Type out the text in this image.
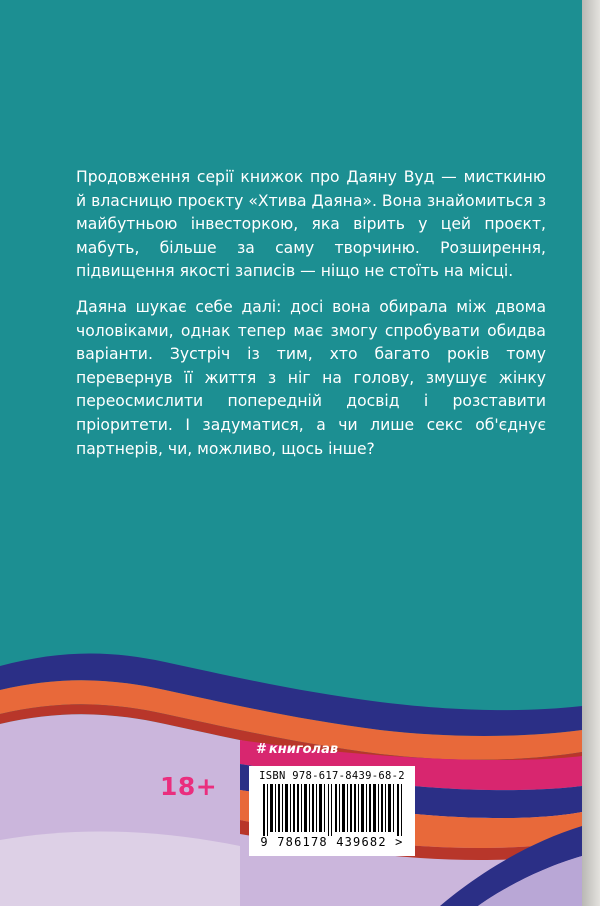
Продовження серії книжок про Даяну Вуд — мисткиню й власницю проєкту «Хтива Даяна». Вона знайомиться з майбутньою інвесторкою, яка вірить у цей проєкт, мабуть, більше за саму творчиню. Розширення, підвищення якості записів — ніщо не стоїть на місці.

Даяна шукає себе далі: досі вона обирала між двома чоловіками, однак тепер має змогу спробувати обидва варіанти. Зустріч із тим, хто багато років тому перевернув її життя з ніг на голову, змушує жінку переосмислити попередній досвід і розставити пріоритети. І задуматися, а чи лише секс об'єднує партнерів, чи, можливо, щось інше?

18+
# книголав
ISBN 978-617-8439-68-2
9 786178 439682 >
